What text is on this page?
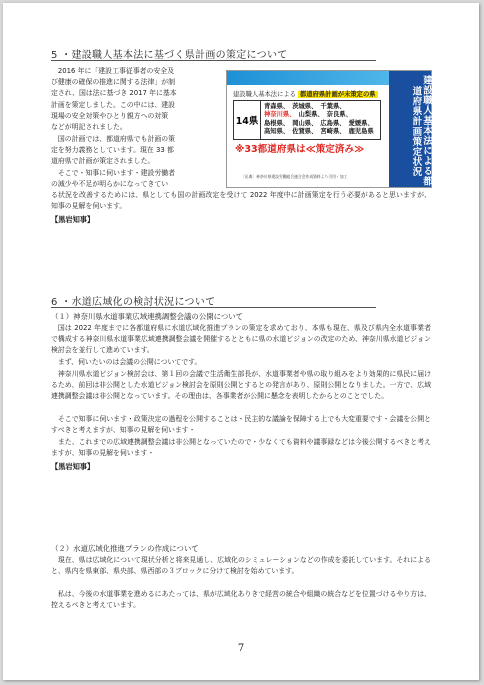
5 ・建設職人基本法に基づく県計画の策定について
2016 年に「建設工事従事者の安全及
び健康の確保の推進に関する法律」が制
定され、国は法に基づき 2017 年に基本
計画を策定しました。この中には、建設
現場の安全対策やひとり親方への対策
などが明記されました。
国の計画では、都道府県でも計画の策
定を努力義務としています。現在 33 都
道府県で計画が策定されました。
そこで・知事に伺います・建設労働者
の減少や不足が明らかになってきてい

る状況を改善するためには、県としても国の計画改定を受けて 2022 年度中に計画策定を行う必要があると思いますが、知事の見解を伺います。

【黒岩知事】
建設職人基本法による都道府県計画策定状況
建設職人基本法による 都道府県計画が未策定の県
14県
青森県、 茨城県、 千葉県、神奈川県、 山梨県、 奈良県、島根県、 岡山県、 広島県、 愛媛県、高知県、 佐賀県、 宮崎県、 鹿児島県
※33都道府県は≪策定済み≫
〔出典〕神奈川県建設労働組合連合会作成資料より引用・加工
6 ・水道広域化の検討状況について
（１）神奈川県水道事業広域連携調整会議の公開について

国は 2022 年度までに各都道府県に水道広域化推進プランの策定を求めており、本県も現在、県及び県内全水道事業者で構成する神奈川県水道事業広域連携調整会議を開催するとともに県の水道ビジョンの改定のため、神奈川県水道ビジョン検討会を並行して進めています。

まず、伺いたいのは会議の公開についてです。

神奈川県水道ビジョン検討会は、第１回の会議で生活衛生部長が、水道事業者や県の取り組みをより効果的に県民に届けるため、前回は非公開とした水道ビジョン検討会を原則公開とするとの発言があり、原則公開となりました。一方で、広域連携調整会議は非公開となっています。その理由は、各事業者が公開に懸念を表明したからとのことでした。

そこで知事に伺います・政策決定の過程を公開することは・民主的な議論を保障する上でも大変重要です・会議を公開とすべきと考えますが、知事の見解を伺います・

また、これまでの広域連携調整会議は非公開となっていたので・少なくても資料や議事録などは今後公開するべきと考えますが、知事の見解を伺います・

【黒岩知事】
（２）水道広域化推進プランの作成について

現在、県は広域化について現状分析と将来見通し、広域化のシミュレーションなどの作成を委託しています。それによると、県内を県東部、県央部、県西部の３ブロックに分けて検討を始めています。

私は、今後の水道事業を進めるにあたっては、県が広域化ありきで経営の統合や組織の統合などを位置づけるやり方は、控えるべきと考えています。

7
